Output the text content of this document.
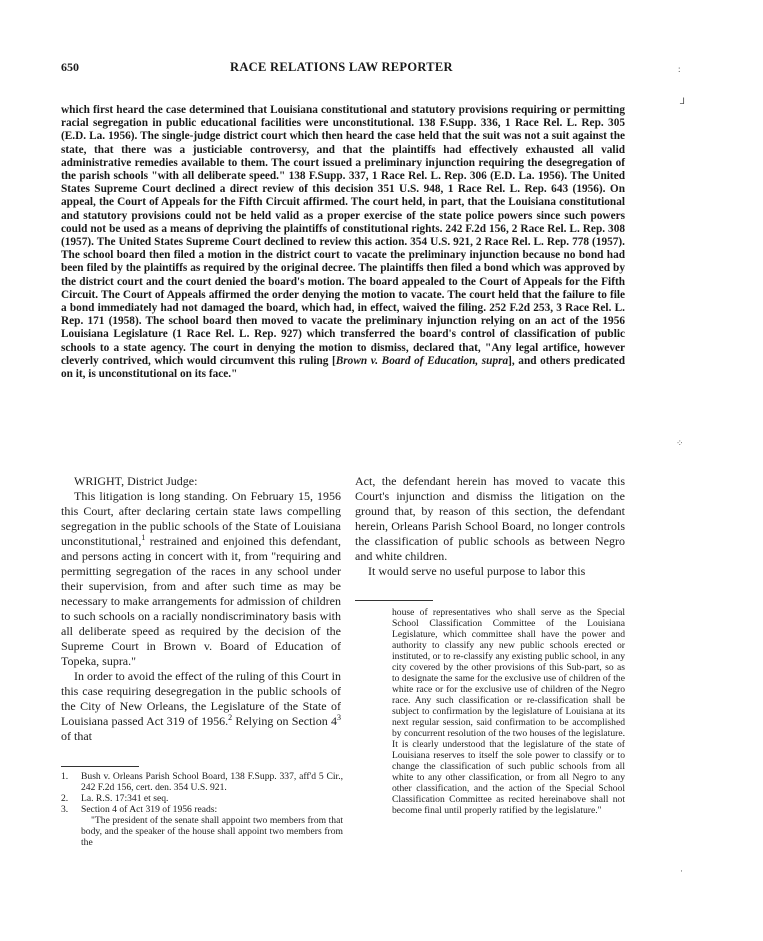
650	RACE RELATIONS LAW REPORTER
which first heard the case determined that Louisiana constitutional and statutory provisions requiring or permitting racial segregation in public educational facilities were unconstitutional. 138 F.Supp. 336, 1 Race Rel. L. Rep. 305 (E.D. La. 1956). The single-judge district court which then heard the case held that the suit was not a suit against the state, that there was a justiciable controversy, and that the plaintiffs had effectively exhausted all valid administrative remedies available to them. The court issued a preliminary injunction requiring the desegregation of the parish schools "with all deliberate speed." 138 F.Supp. 337, 1 Race Rel. L. Rep. 306 (E.D. La. 1956). The United States Supreme Court declined a direct review of this decision 351 U.S. 948, 1 Race Rel. L. Rep. 643 (1956). On appeal, the Court of Appeals for the Fifth Circuit affirmed. The court held, in part, that the Louisiana constitutional and statutory provisions could not be held valid as a proper exercise of the state police powers since such powers could not be used as a means of depriving the plaintiffs of constitutional rights. 242 F.2d 156, 2 Race Rel. L. Rep. 308 (1957). The United States Supreme Court declined to review this action. 354 U.S. 921, 2 Race Rel. L. Rep. 778 (1957). The school board then filed a motion in the district court to vacate the preliminary injunction because no bond had been filed by the plaintiffs as required by the original decree. The plaintiffs then filed a bond which was approved by the district court and the court denied the board's motion. The board appealed to the Court of Appeals for the Fifth Circuit. The Court of Appeals affirmed the order denying the motion to vacate. The court held that the failure to file a bond immediately had not damaged the board, which had, in effect, waived the filing. 252 F.2d 253, 3 Race Rel. L. Rep. 171 (1958). The school board then moved to vacate the preliminary injunction relying on an act of the 1956 Louisiana Legislature (1 Race Rel. L. Rep. 927) which transferred the board's control of classification of public schools to a state agency. The court in denying the motion to dismiss, declared that, "Any legal artifice, however cleverly contrived, which would circumvent this ruling [Brown v. Board of Education, supra], and others predicated on it, is unconstitutional on its face."

WRIGHT, District Judge:

This litigation is long standing. On February 15, 1956 this Court, after declaring certain state laws compelling segregation in the public schools of the State of Louisiana unconstitutional,$^1$ restrained and enjoined this defendant, and persons acting in concert with it, from "requiring and permitting segregation of the races in any school under their supervision, from and after such time as may be necessary to make arrangements for admission of children to such schools on a racially nondiscriminatory basis with all deliberate speed as required by the decision of the Supreme Court in Brown v. Board of Education of Topeka, supra."

In order to avoid the effect of the ruling of this Court in this case requiring desegregation in the public schools of the City of New Orleans, the Legislature of the State of Louisiana passed Act 319 of 1956.$^2$ Relying on Section $4^3$ of that

Act, the defendant herein has moved to vacate this Court's injunction and dismiss the litigation on the ground that, by reason of this section, the defendant herein, Orleans Parish School Board, no longer controls the classification of public schools as between Negro and white children.

It would serve no useful purpose to labor this

1. Bush v. Orleans Parish School Board, 138 F.Supp. 337, aff'd 5 Cir., 242 F.2d 156, cert. den. 354 U.S. 921.
2. La. R.S. 17:341 et seq.
3. Section 4 of Act 319 of 1956 reads:
"The president of the senate shall appoint two members from that body, and the speaker of the house shall appoint two members from the
house of representatives who shall serve as the Special School Classification Committee of the Louisiana Legislature, which committee shall have the power and authority to classify any new public schools erected or instituted, or to re-classify any existing public school, in any city covered by the other provisions of this Sub-part, so as to designate the same for the exclusive use of children of the white race or for the exclusive use of children of the Negro race. Any such classification or re-classification shall be subject to confirmation by the legislature of Louisiana at its next regular session, said confirmation to be accomplished by concurrent resolution of the two houses of the legislature. It is clearly understood that the legislature of the state of Louisiana reserves to itself the sole power to classify or to change the classification of such public schools from all white to any other classification, or from all Negro to any other classification, and the action of the Special School Classification Committee as recited hereinabove shall not become final until properly ratified by the legislature."
:
⅃
⁘
·
